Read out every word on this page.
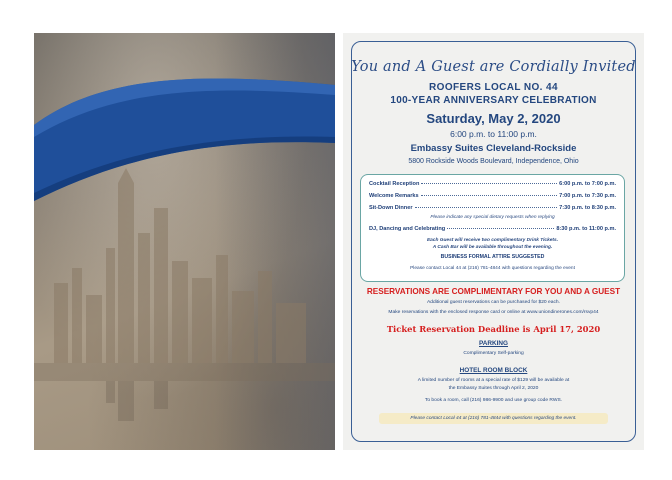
You and A Guest are Cordially Invited
ROOFERS LOCAL NO. 44
100-YEAR ANNIVERSARY CELEBRATION
Saturday, May 2, 2020
6:00 p.m. to 11:00 p.m.
Embassy Suites Cleveland-Rockside
5800 Rockside Woods Boulevard, Independence, Ohio
Cocktail Reception	6:00 p.m. to 7:00 p.m.
Welcome Remarks	7:00 p.m. to 7:30 p.m.
Sit-Down Dinner	7:30 p.m. to 8:30 p.m.
Please indicate any special dietary requests when replying
DJ, Dancing and Celebrating	8:30 p.m. to 11:00 p.m.
Each Guest will receive two complimentary Drink Tickets.
A Cash Bar will be available throughout the evening.
BUSINESS FORMAL ATTIRE SUGGESTED
Please contact Local 44 at (216) 781-4844 with questions regarding the event
RESERVATIONS ARE COMPLIMENTARY FOR YOU AND A GUEST
Additional guest reservations can be purchased for $20 each.
Make reservations with the enclosed response card or online at www.uniondinerones.com/rsvp44
Ticket Reservation Deadline is April 17, 2020
PARKING
Complimentary Self-parking
HOTEL ROOM BLOCK
A limited number of rooms at a special rate of $129 will be available at
the Embassy Suites through April 2, 2020
To book a room, call (216) 986-9900 and use group code RWS.
Please contact Local 44 at (216) 781-4844 with questions regarding the event.
